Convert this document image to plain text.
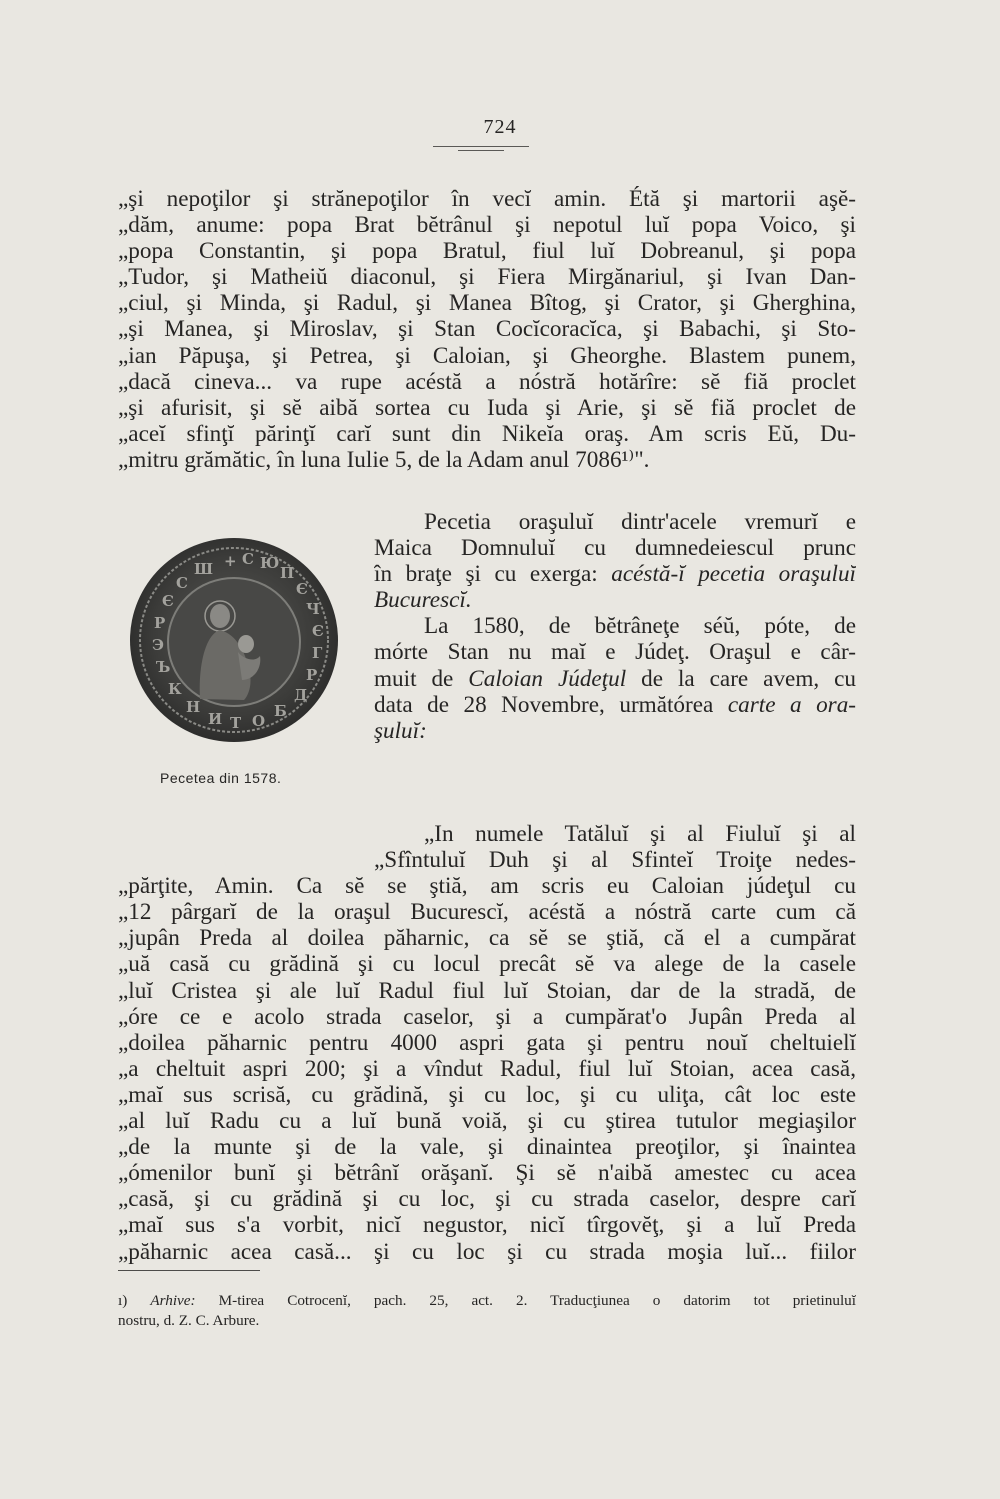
724
„şi nepoţilor şi strănepoţilor în vecĭ amin. Étă şi martorii aşĕ-
„dăm, anume: popa Brat bĕtrânul şi nepotul luĭ popa Voico, şi
„popa Constantin, şi popa Bratul, fiul luĭ Dobreanul, şi popa
„Tudor, şi Matheiŭ diaconul, şi Fiera Mirgănariul, şi Ivan Dan-
„ciul, şi Minda, şi Radul, şi Manea Bîtog, şi Crator, şi Gherghina,
„şi Manea, şi Miroslav, şi Stan Cocĭcoracĭca, şi Babachi, şi Sto-
„ian Păpuşa, şi Petrea, şi Caloian, şi Gheorghe. Blastem punem,
„dacă cineva... va rupe acéstă a nóstră hotărîre: sĕ fiă proclet
„şi afurisit, şi sĕ aibă sortea cu Iuda şi Arie, şi sĕ fiă proclet de
„aceĭ sfinţĭ părinţĭ carĭ sunt din Nikeĭa oraş. Am scris Eŭ, Du-
„mitru grămătic, în luna Iulie 5, de la Adam anul 7086¹⁾".
Pecetia oraşuluĭ dintr'acele vremurĭ e
Maica Domnuluĭ cu dumnedeiescul prunc
în braţe şi cu exerga: acéstă-ĭ pecetia oraşuluĭ
Bucurescĭ.
La 1580, de bĕtrâneţe séŭ, póte, de
mórte Stan nu maĭ e Júdeţ. Oraşul e câr-
muit de Caloian Júdeţul de la care avem, cu
data de 28 Novembre, următórea carte a ora-
şuluĭ:
+ C Ю
П
Є
Ч
Є
Г
Р
Д
Б
О
Т
И
Н
К
Ъ
Э
Р
Є
С
Ш
Pecetea din 1578.
„In numele Tatăluĭ şi al Fiuluĭ şi al
„Sfîntuluĭ Duh şi al Sfinteĭ Troiţe nedes-
„părţite, Amin. Ca sĕ se ştiă, am scris eu Caloian júdeţul cu
„12 pârgarĭ de la oraşul Bucurescĭ, acéstă a nóstră carte cum că
„jupân Preda al doilea păharnic, ca sĕ se ştiă, că el a cumpărat
„uă casă cu grădină şi cu locul precât sĕ va alege de la casele
„luĭ Cristea şi ale luĭ Radul fiul luĭ Stoian, dar de la stradă, de
„óre ce e acolo strada caselor, şi a cumpărat'o Jupân Preda al
„doilea păharnic pentru 4000 aspri gata şi pentru nouĭ cheltuielĭ
„a cheltuit aspri 200; şi a vîndut Radul, fiul luĭ Stoian, acea casă,
„maĭ sus scrisă, cu grădină, şi cu loc, şi cu uliţa, cât loc este
„al luĭ Radu cu a luĭ bună voiă, şi cu ştirea tutulor megiaşilor
„de la munte şi de la vale, şi dinaintea preoţilor, şi înaintea
„ómenilor bunĭ şi bĕtrânĭ orăşanĭ. Şi sĕ n'aibă amestec cu acea
„casă, şi cu grădină şi cu loc, şi cu strada caselor, despre carĭ
„maĭ sus s'a vorbit, nicĭ negustor, nicĭ tîrgovĕţ, şi a luĭ Preda
„păharnic acea casă... şi cu loc şi cu strada moşia luĭ... fiilor
ı) Arhive: M-tirea Cotrocenĭ, pach. 25, act. 2. Traducţiunea o datorim tot prietinuluĭ
nostru, d. Z. C. Arbure.
